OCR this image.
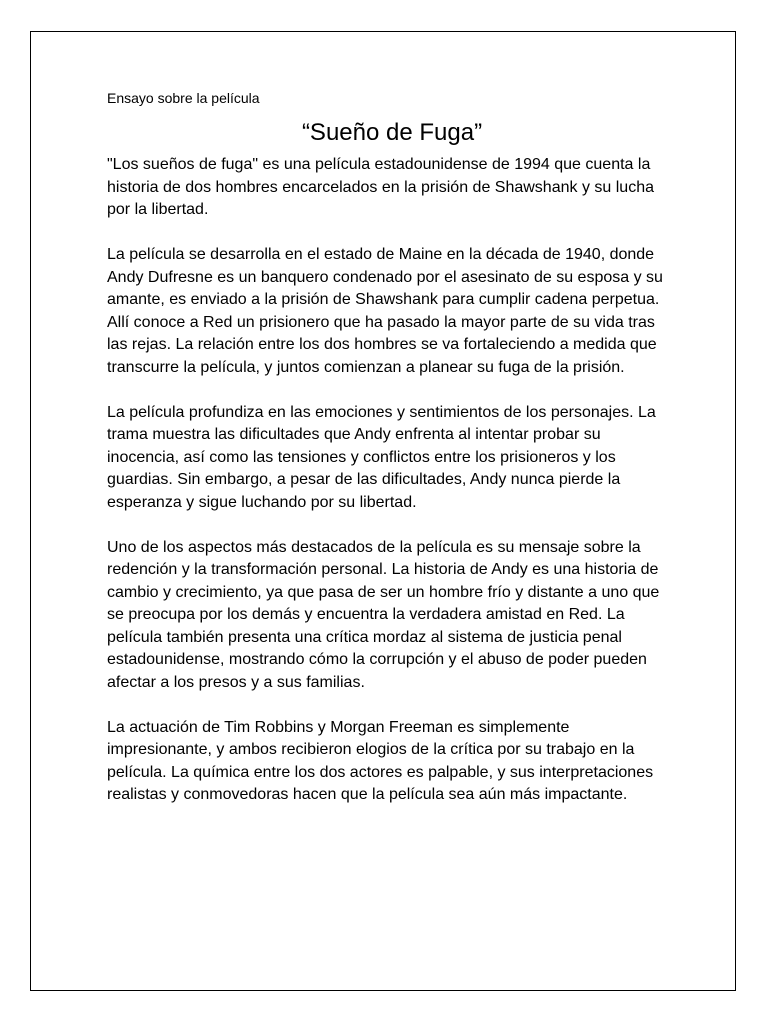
Ensayo sobre la película

“Sueño de Fuga”

"Los sueños de fuga" es una película estadounidense de 1994 que cuenta la historia de dos hombres encarcelados en la prisión de Shawshank y su lucha por la libertad.

La película se desarrolla en el estado de Maine en la década de 1940, donde Andy Dufresne es un banquero condenado por el asesinato de su esposa y su amante, es enviado a la prisión de Shawshank para cumplir cadena perpetua. Allí conoce a Red un prisionero que ha pasado la mayor parte de su vida tras las rejas. La relación entre los dos hombres se va fortaleciendo a medida que transcurre la película, y juntos comienzan a planear su fuga de la prisión.

La película profundiza en las emociones y sentimientos de los personajes. La trama muestra las dificultades que Andy enfrenta al intentar probar su inocencia, así como las tensiones y conflictos entre los prisioneros y los guardias. Sin embargo, a pesar de las dificultades, Andy nunca pierde la esperanza y sigue luchando por su libertad.

Uno de los aspectos más destacados de la película es su mensaje sobre la redención y la transformación personal. La historia de Andy es una historia de cambio y crecimiento, ya que pasa de ser un hombre frío y distante a uno que se preocupa por los demás y encuentra la verdadera amistad en Red. La película también presenta una crítica mordaz al sistema de justicia penal estadounidense, mostrando cómo la corrupción y el abuso de poder pueden afectar a los presos y a sus familias.

La actuación de Tim Robbins y Morgan Freeman es simplemente impresionante, y ambos recibieron elogios de la crítica por su trabajo en la película. La química entre los dos actores es palpable, y sus interpretaciones realistas y conmovedoras hacen que la película sea aún más impactante.
